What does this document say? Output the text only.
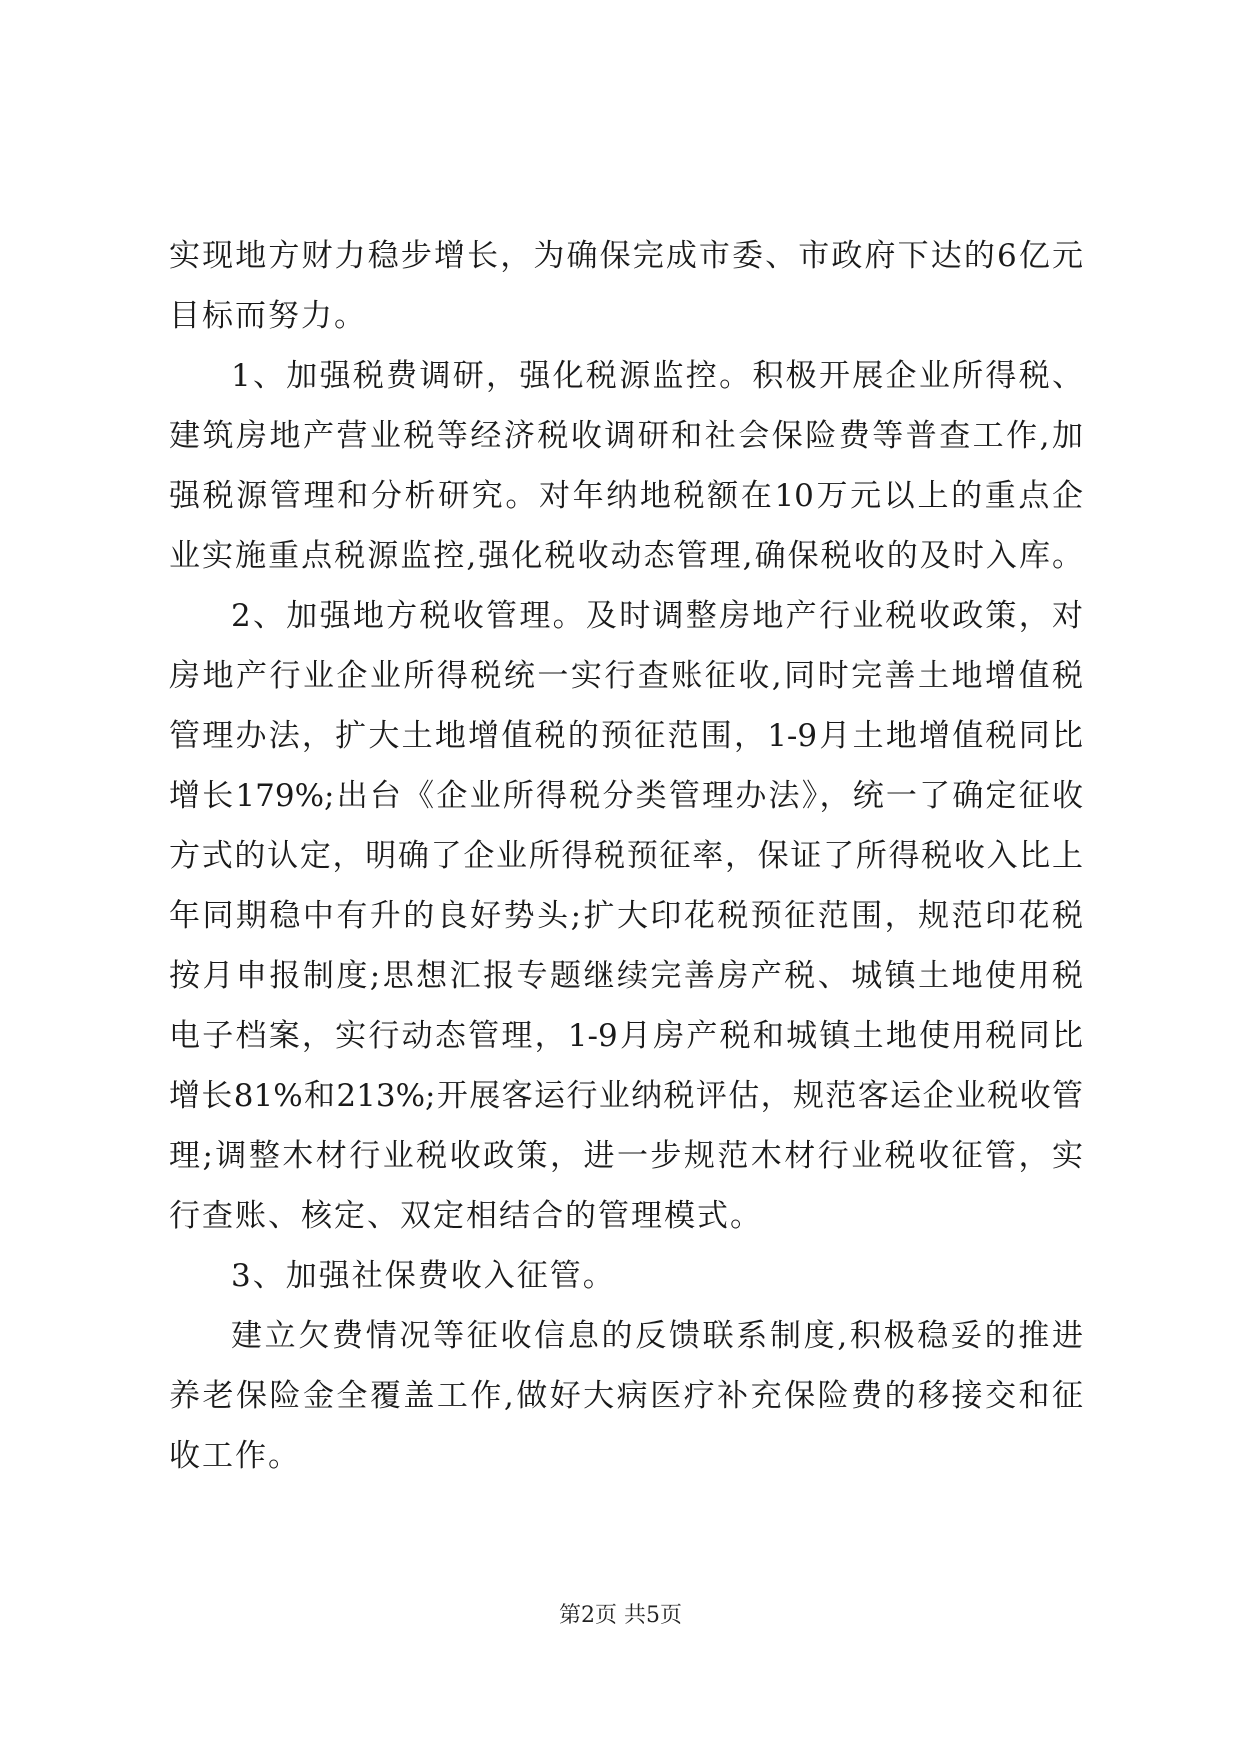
实现地方财力稳步增长，为确保完成市委、市政府下达的6亿元
目标而努力。
1、加强税费调研，强化税源监控。积极开展企业所得税、
建筑房地产营业税等经济税收调研和社会保险费等普查工作,加
强税源管理和分析研究。对年纳地税额在10万元以上的重点企
业实施重点税源监控,强化税收动态管理,确保税收的及时入库。
2、加强地方税收管理。及时调整房地产行业税收政策，对
房地产行业企业所得税统一实行查账征收,同时完善土地增值税
管理办法，扩大土地增值税的预征范围，1-9月土地增值税同比
增长179%;出台《企业所得税分类管理办法》，统一了确定征收
方式的认定，明确了企业所得税预征率，保证了所得税收入比上
年同期稳中有升的良好势头;扩大印花税预征范围，规范印花税
按月申报制度;思想汇报专题继续完善房产税、城镇土地使用税
电子档案，实行动态管理，1-9月房产税和城镇土地使用税同比
增长81%和213%;开展客运行业纳税评估，规范客运企业税收管
理;调整木材行业税收政策，进一步规范木材行业税收征管，实
行查账、核定、双定相结合的管理模式。
3、加强社保费收入征管。
建立欠费情况等征收信息的反馈联系制度,积极稳妥的推进
养老保险金全覆盖工作,做好大病医疗补充保险费的移接交和征
收工作。
第2页 共5页
